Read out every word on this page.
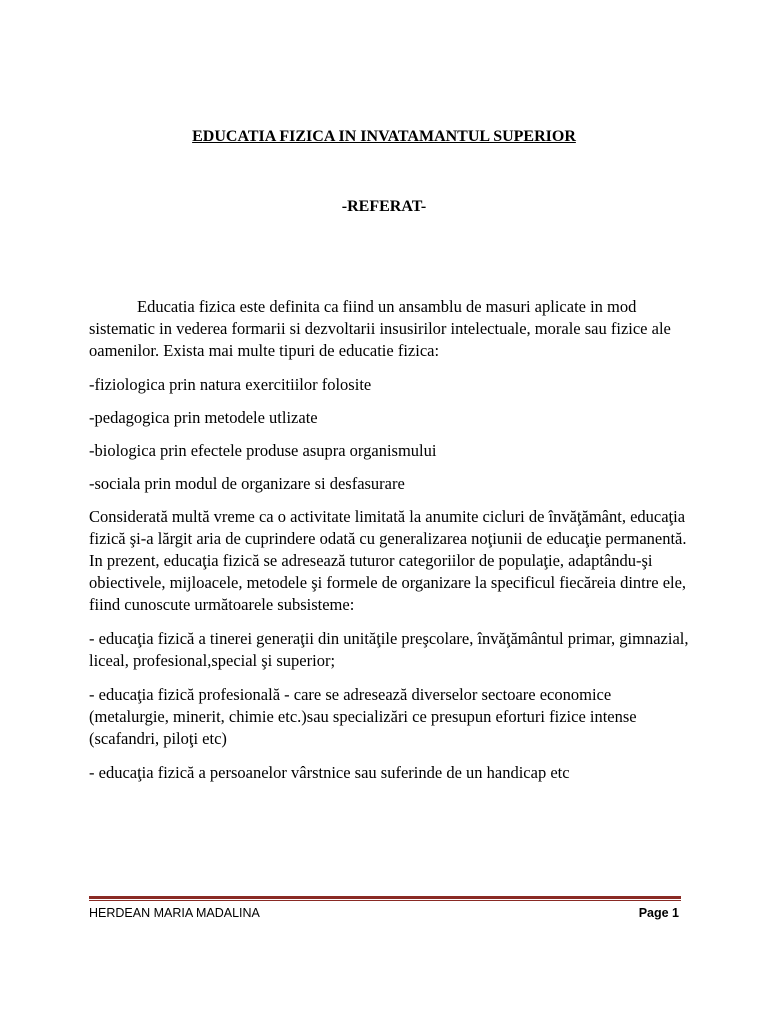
EDUCATIA FIZICA IN INVATAMANTUL SUPERIOR
-REFERAT-

Educatia fizica este definita ca fiind un ansamblu de masuri aplicate in mod sistematic in vederea formarii si dezvoltarii insusirilor intelectuale, morale sau fizice ale oamenilor. Exista mai multe tipuri de educatie fizica:

-fiziologica prin natura exercitiilor folosite

-pedagogica prin metodele utlizate

-biologica prin efectele produse asupra organismului

-sociala prin modul de organizare si desfasurare

Considerată multă vreme ca o activitate limitată la anumite cicluri de învăţământ, educaţia fizică şi-a lărgit aria de cuprindere odată cu generalizarea noţiunii de educaţie permanentă. In prezent, educaţia fizică se adresează tuturor categoriilor de populaţie, adaptându-şi obiectivele, mijloacele, metodele şi formele de organizare la specificul fiecăreia dintre ele, fiind cunoscute următoarele subsisteme:

- educaţia fizică a tinerei generaţii din unităţile preşcolare, învăţământul primar, gimnazial, liceal, profesional,special şi superior;

- educaţia fizică profesională - care se adresează diverselor sectoare economice (metalurgie, minerit, chimie etc.)sau specializări ce presupun eforturi fizice intense (scafandri, piloţi etc)

- educaţia fizică a persoanelor vârstnice sau suferinde de un handicap etc

HERDEAN MARIA MADALINA	Page 1
